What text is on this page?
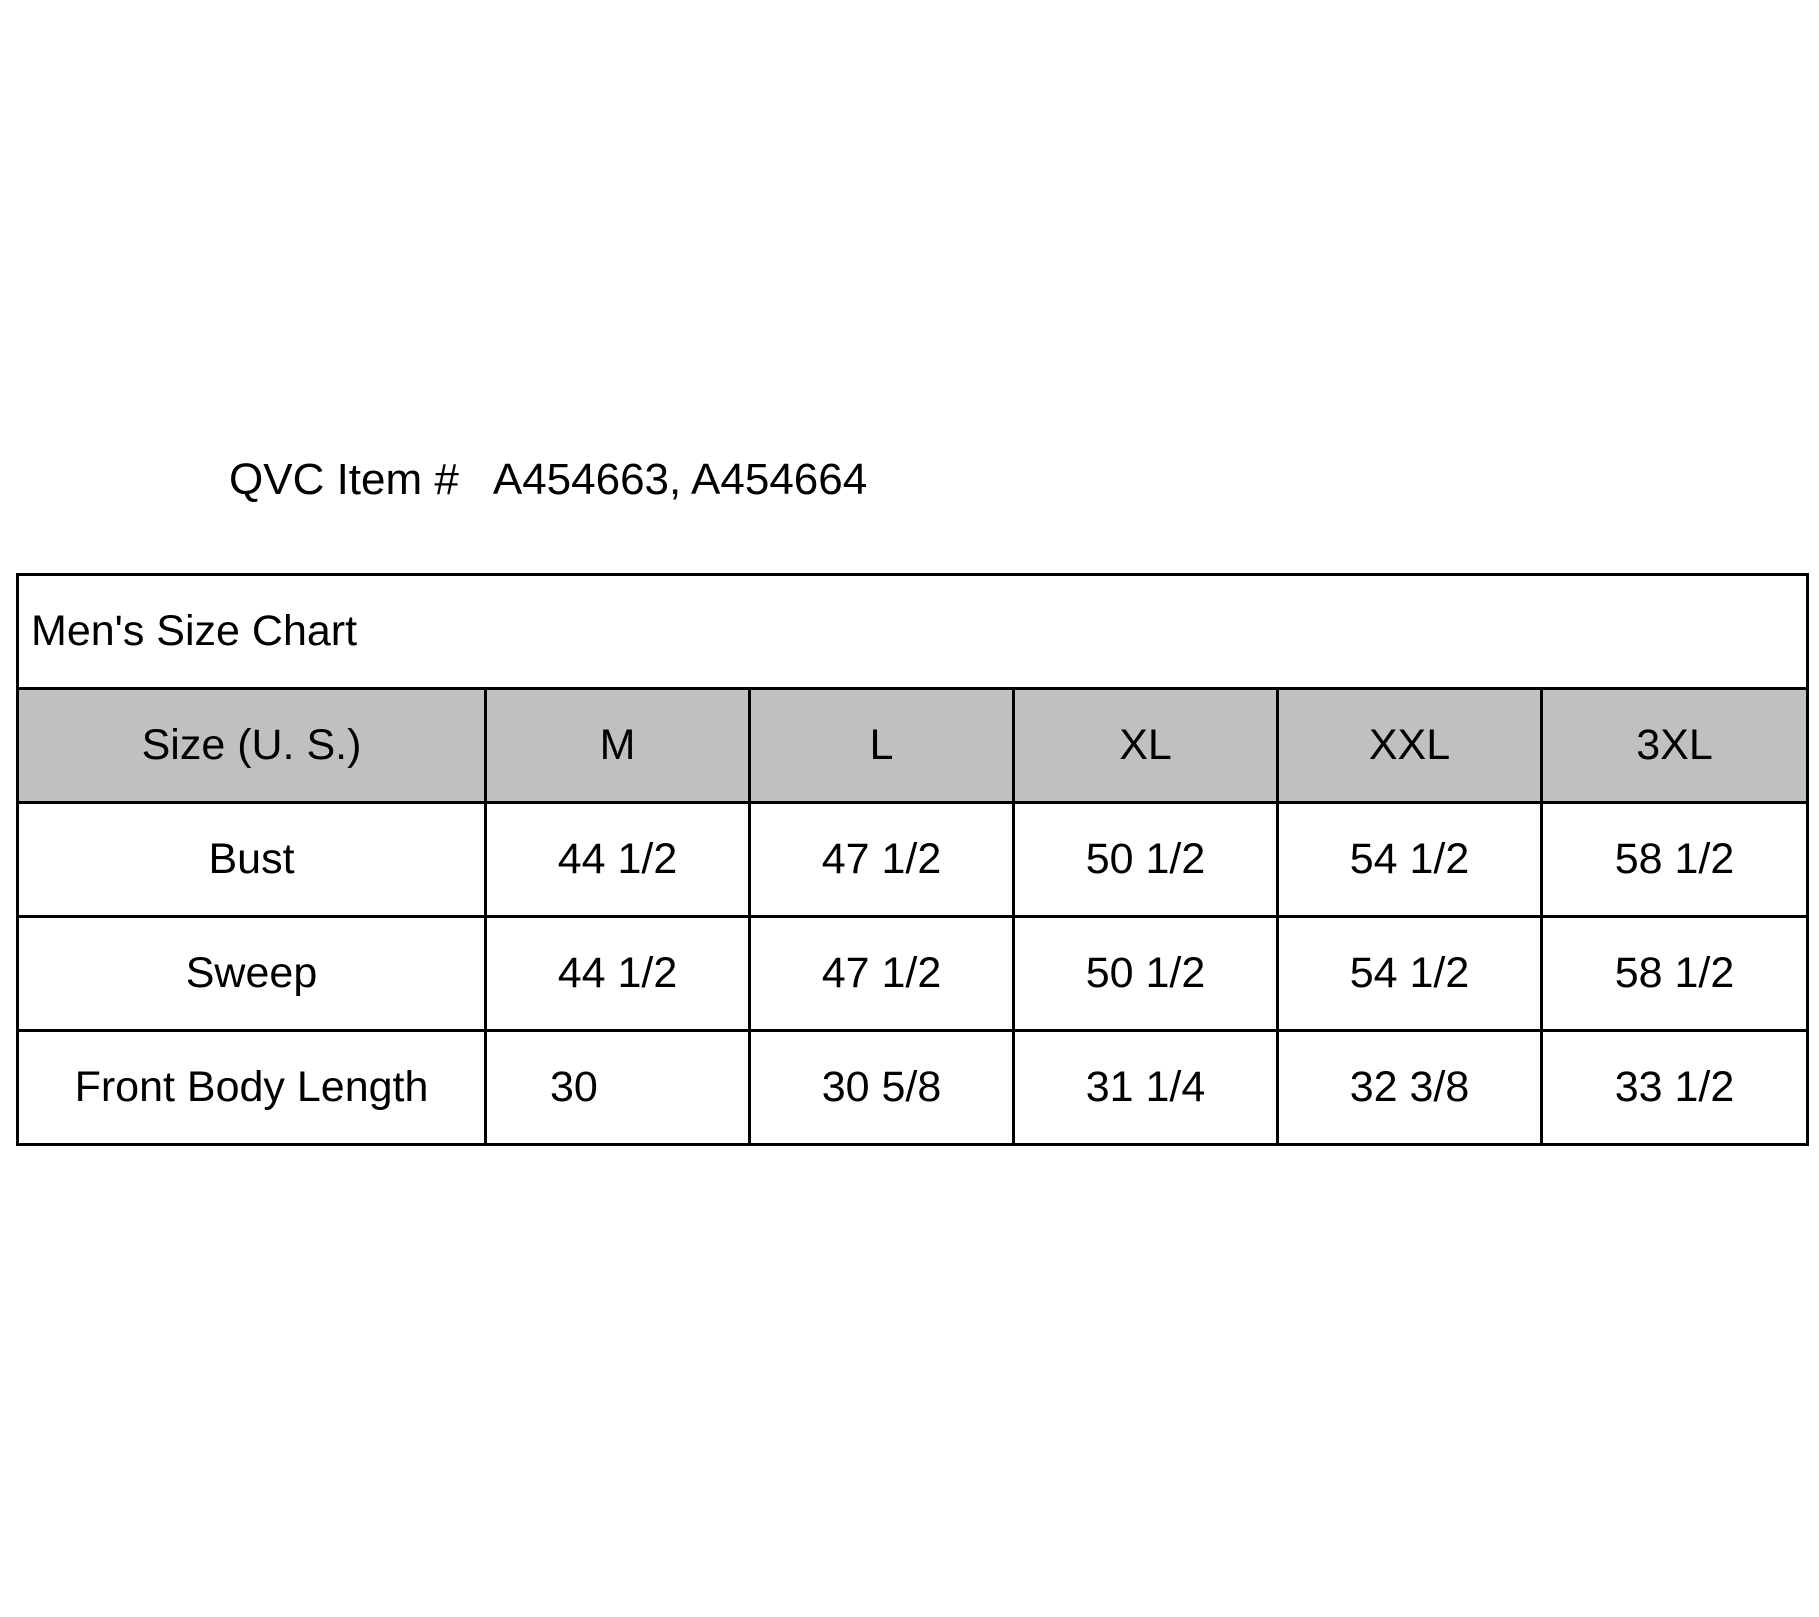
QVC Item # A454663, A454664
Men's Size Chart					
Size (U. S.)	M	L	XL	XXL	3XL
Bust	44 1/2	47 1/2	50 1/2	54 1/2	58 1/2
Sweep	44 1/2	47 1/2	50 1/2	54 1/2	58 1/2
Front Body Length	30	30 5/8	31 1/4	32 3/8	33 1/2
